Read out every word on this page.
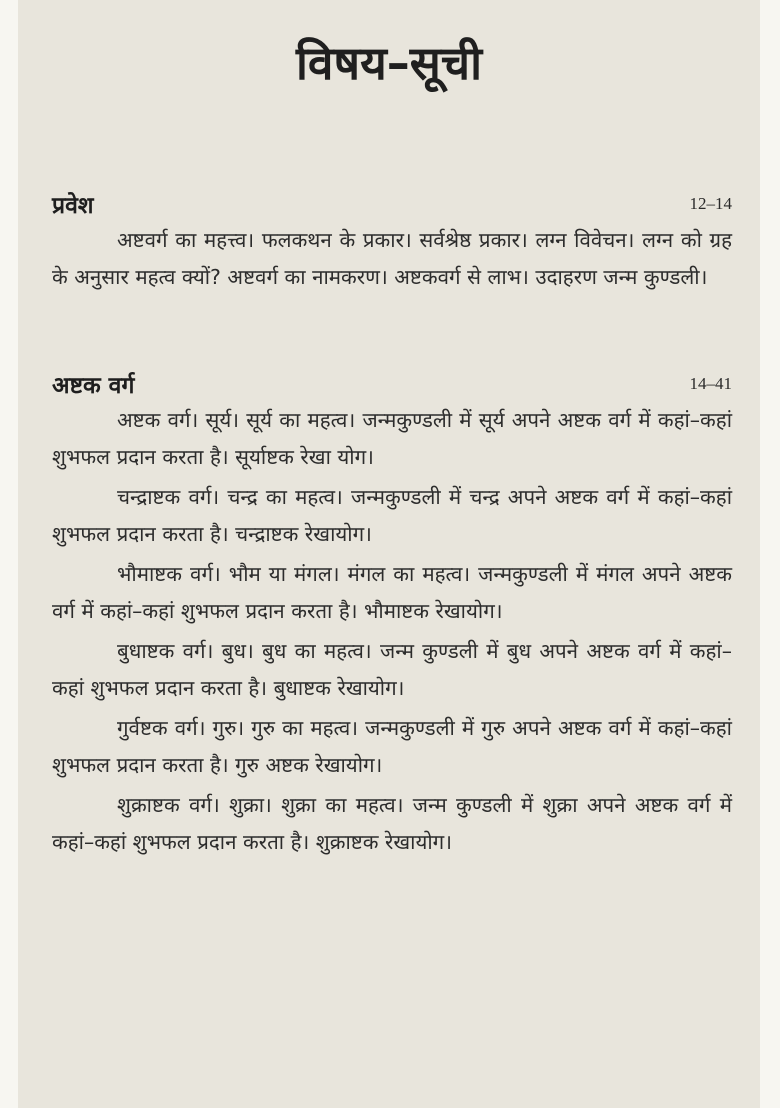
विषय–सूची
प्रवेश	12–14

अष्टवर्ग का महत्त्व। फलकथन के प्रकार। सर्वश्रेष्ठ प्रकार। लग्न विवेचन। लग्न को ग्रह के अनुसार महत्व क्यों? अष्टवर्ग का नामकरण। अष्टकवर्ग से लाभ। उदाहरण जन्म कुण्डली।

अष्टक वर्ग	14–41

अष्टक वर्ग। सूर्य। सूर्य का महत्व। जन्मकुण्डली में सूर्य अपने अष्टक वर्ग में कहां–कहां शुभफल प्रदान करता है। सूर्याष्टक रेखा योग।

चन्द्राष्टक वर्ग। चन्द्र का महत्व। जन्मकुण्डली में चन्द्र अपने अष्टक वर्ग में कहां–कहां शुभफल प्रदान करता है। चन्द्राष्टक रेखायोग।

भौमाष्टक वर्ग। भौम या मंगल। मंगल का महत्व। जन्मकुण्डली में मंगल अपने अष्टक वर्ग में कहां–कहां शुभफल प्रदान करता है। भौमाष्टक रेखायोग।

बुधाष्टक वर्ग। बुध। बुध का महत्व। जन्म कुण्डली में बुध अपने अष्टक वर्ग में कहां–कहां शुभफल प्रदान करता है। बुधाष्टक रेखायोग।

गुर्वष्टक वर्ग। गुरु। गुरु का महत्व। जन्मकुण्डली में गुरु अपने अष्टक वर्ग में कहां–कहां शुभफल प्रदान करता है। गुरु अष्टक रेखायोग।

शुक्राष्टक वर्ग। शुक्रा। शुक्रा का महत्व। जन्म कुण्डली में शुक्रा अपने अष्टक वर्ग में कहां–कहां शुभफल प्रदान करता है। शुक्राष्टक रेखायोग।
